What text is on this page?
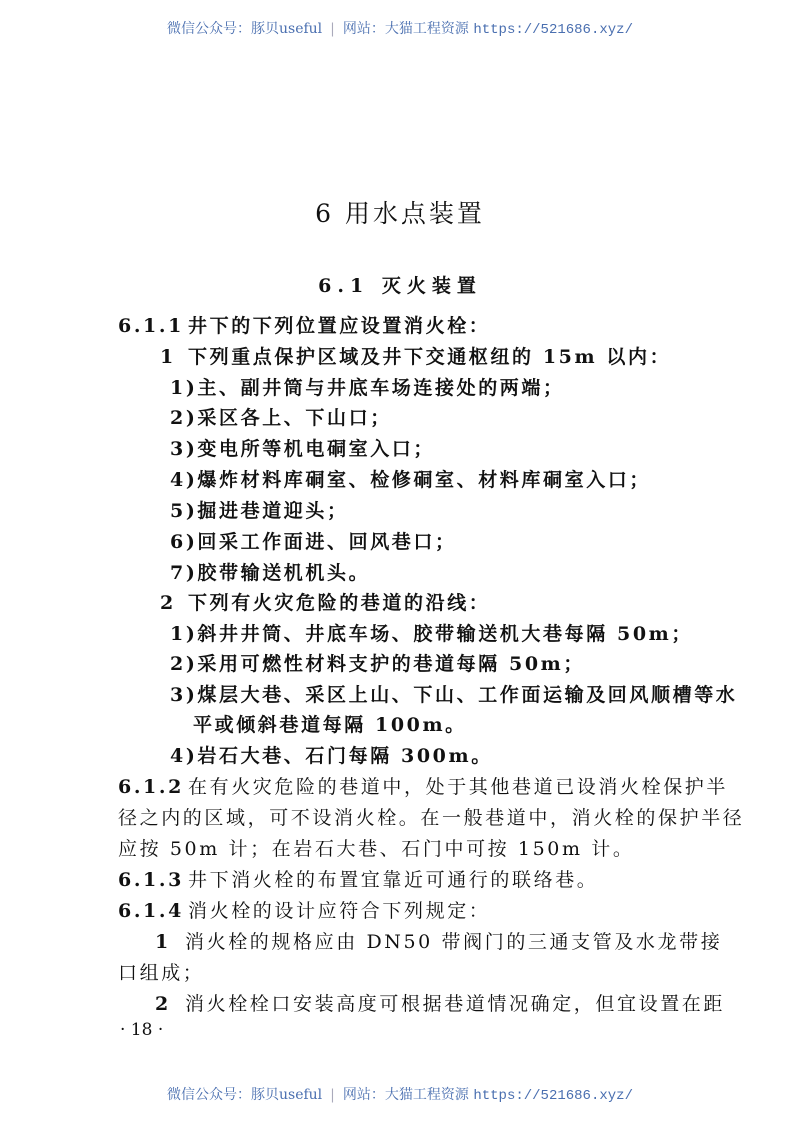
微信公众号：豚贝useful | 网站：大猫工程资源 https://521686.xyz/
6 用水点装置
6.1 灭火装置
6.1.1 井下的下列位置应设置消火栓：
1 下列重点保护区域及井下交通枢纽的 15m 以内：
1)主、副井筒与井底车场连接处的两端；
2)采区各上、下山口；
3)变电所等机电硐室入口；
4)爆炸材料库硐室、检修硐室、材料库硐室入口；
5)掘进巷道迎头；
6)回采工作面进、回风巷口；
7)胶带输送机机头。
2 下列有火灾危险的巷道的沿线：
1)斜井井筒、井底车场、胶带输送机大巷每隔 50m；
2)采用可燃性材料支护的巷道每隔 50m；
3)煤层大巷、采区上山、下山、工作面运输及回风顺槽等水
平或倾斜巷道每隔 100m。
4)岩石大巷、石门每隔 300m。
6.1.2 在有火灾危险的巷道中，处于其他巷道已设消火栓保护半
径之内的区域，可不设消火栓。在一般巷道中，消火栓的保护半径
应按 50m 计；在岩石大巷、石门中可按 150m 计。
6.1.3 井下消火栓的布置宜靠近可通行的联络巷。
6.1.4 消火栓的设计应符合下列规定：
1 消火栓的规格应由 DN50 带阀门的三通支管及水龙带接
口组成；
2 消火栓栓口安装高度可根据巷道情况确定，但宜设置在距
· 18 ·
微信公众号：豚贝useful | 网站：大猫工程资源 https://521686.xyz/
